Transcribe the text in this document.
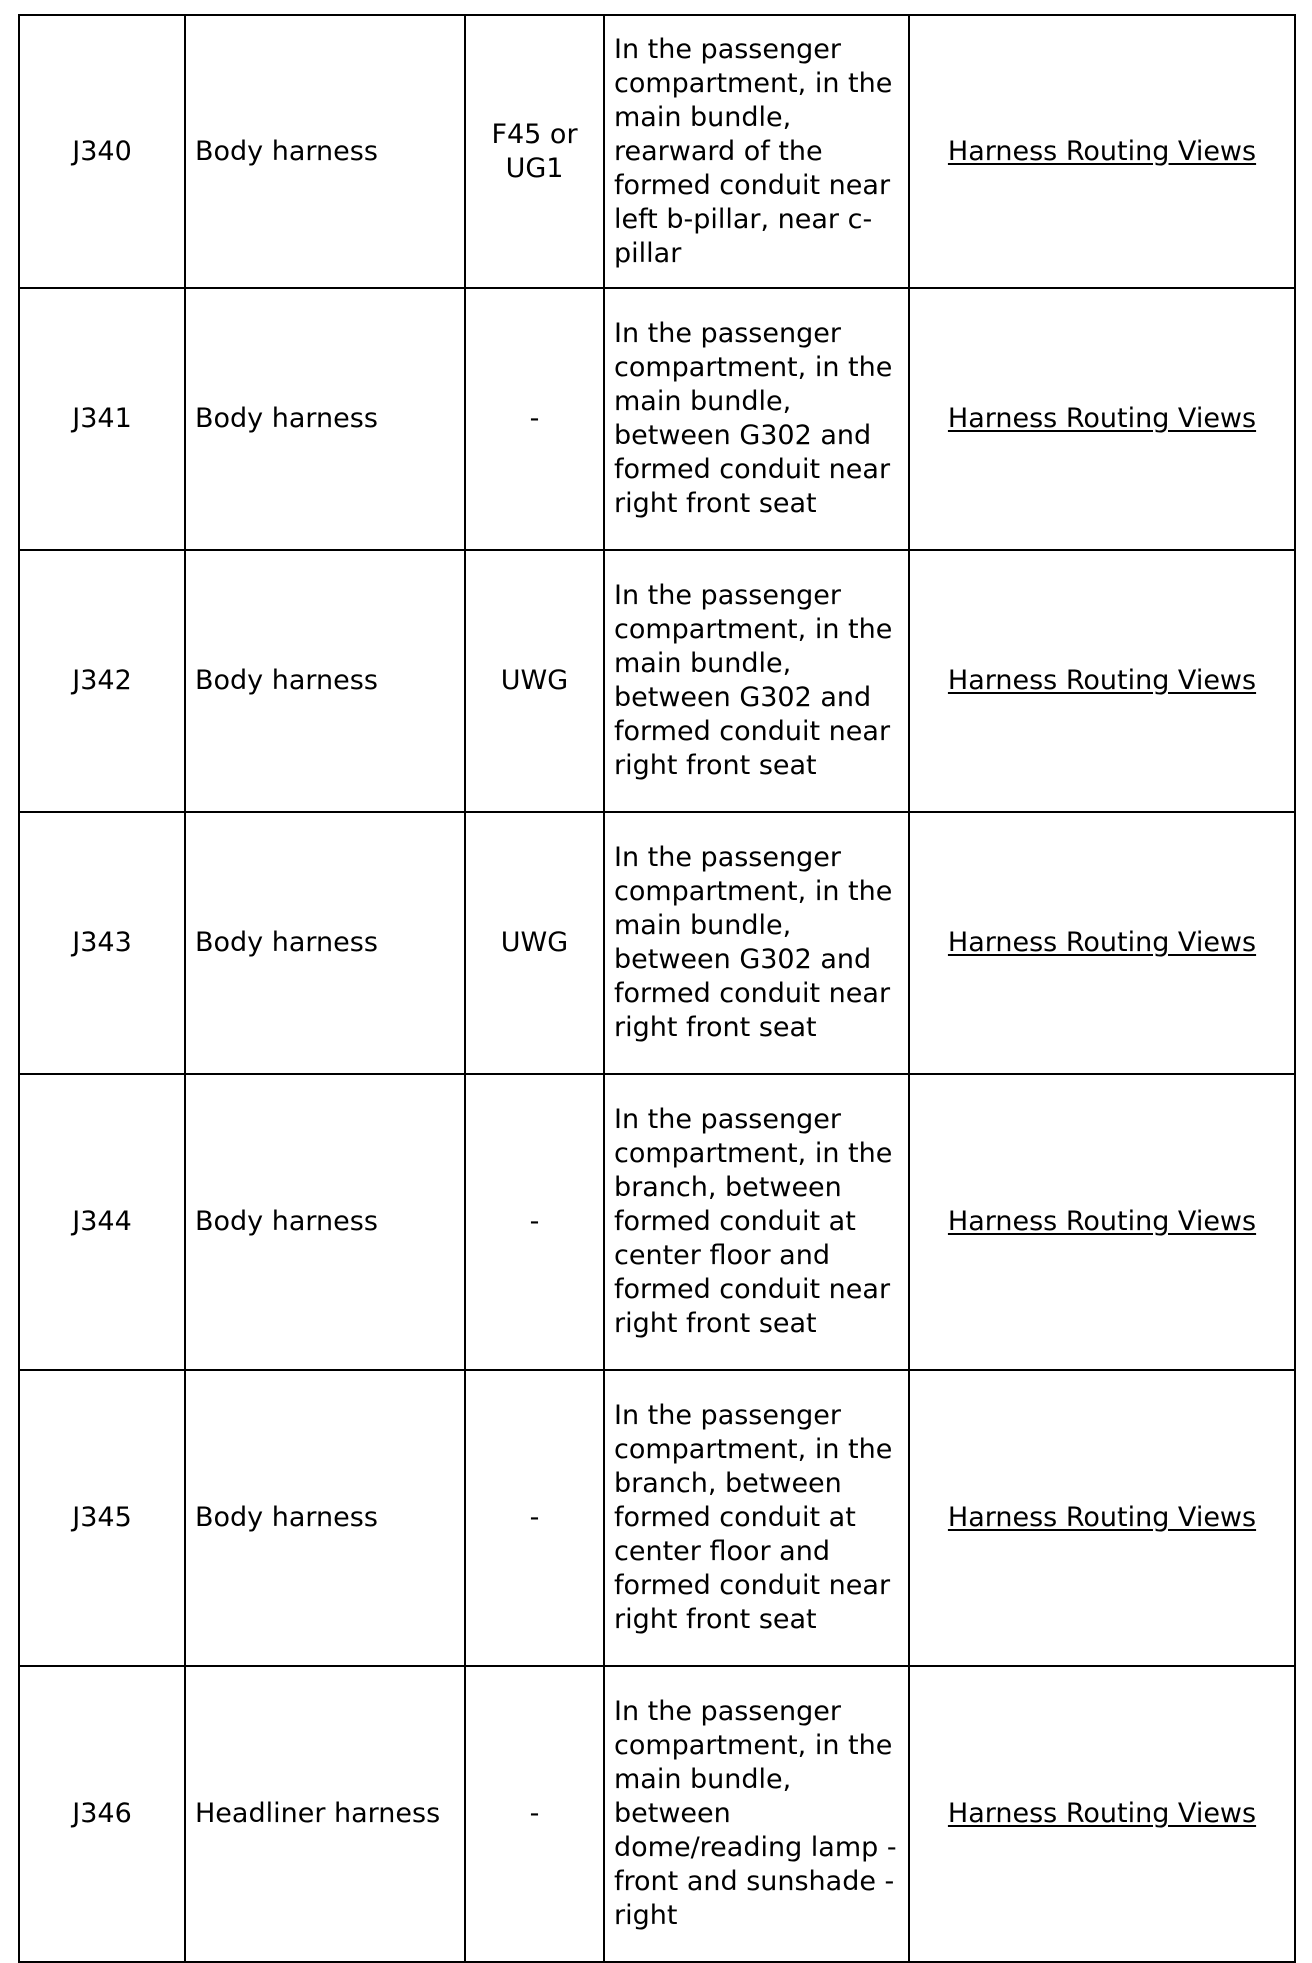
J340	Body harness	F45 or UG1	In the passenger compartment, in the main bundle, rearward of the formed conduit near left b-pillar, near c-pillar	Harness Routing Views
J341	Body harness	-	In the passenger compartment, in the main bundle, between G302 and formed conduit near right front seat	Harness Routing Views
J342	Body harness	UWG	In the passenger compartment, in the main bundle, between G302 and formed conduit near right front seat	Harness Routing Views
J343	Body harness	UWG	In the passenger compartment, in the main bundle, between G302 and formed conduit near right front seat	Harness Routing Views
J344	Body harness	-	In the passenger compartment, in the branch, between formed conduit at center floor and formed conduit near right front seat	Harness Routing Views
J345	Body harness	-	In the passenger compartment, in the branch, between formed conduit at center floor and formed conduit near right front seat	Harness Routing Views
J346	Headliner harness	-	In the passenger compartment, in the main bundle, between dome/reading lamp - front and sunshade - right	Harness Routing Views
